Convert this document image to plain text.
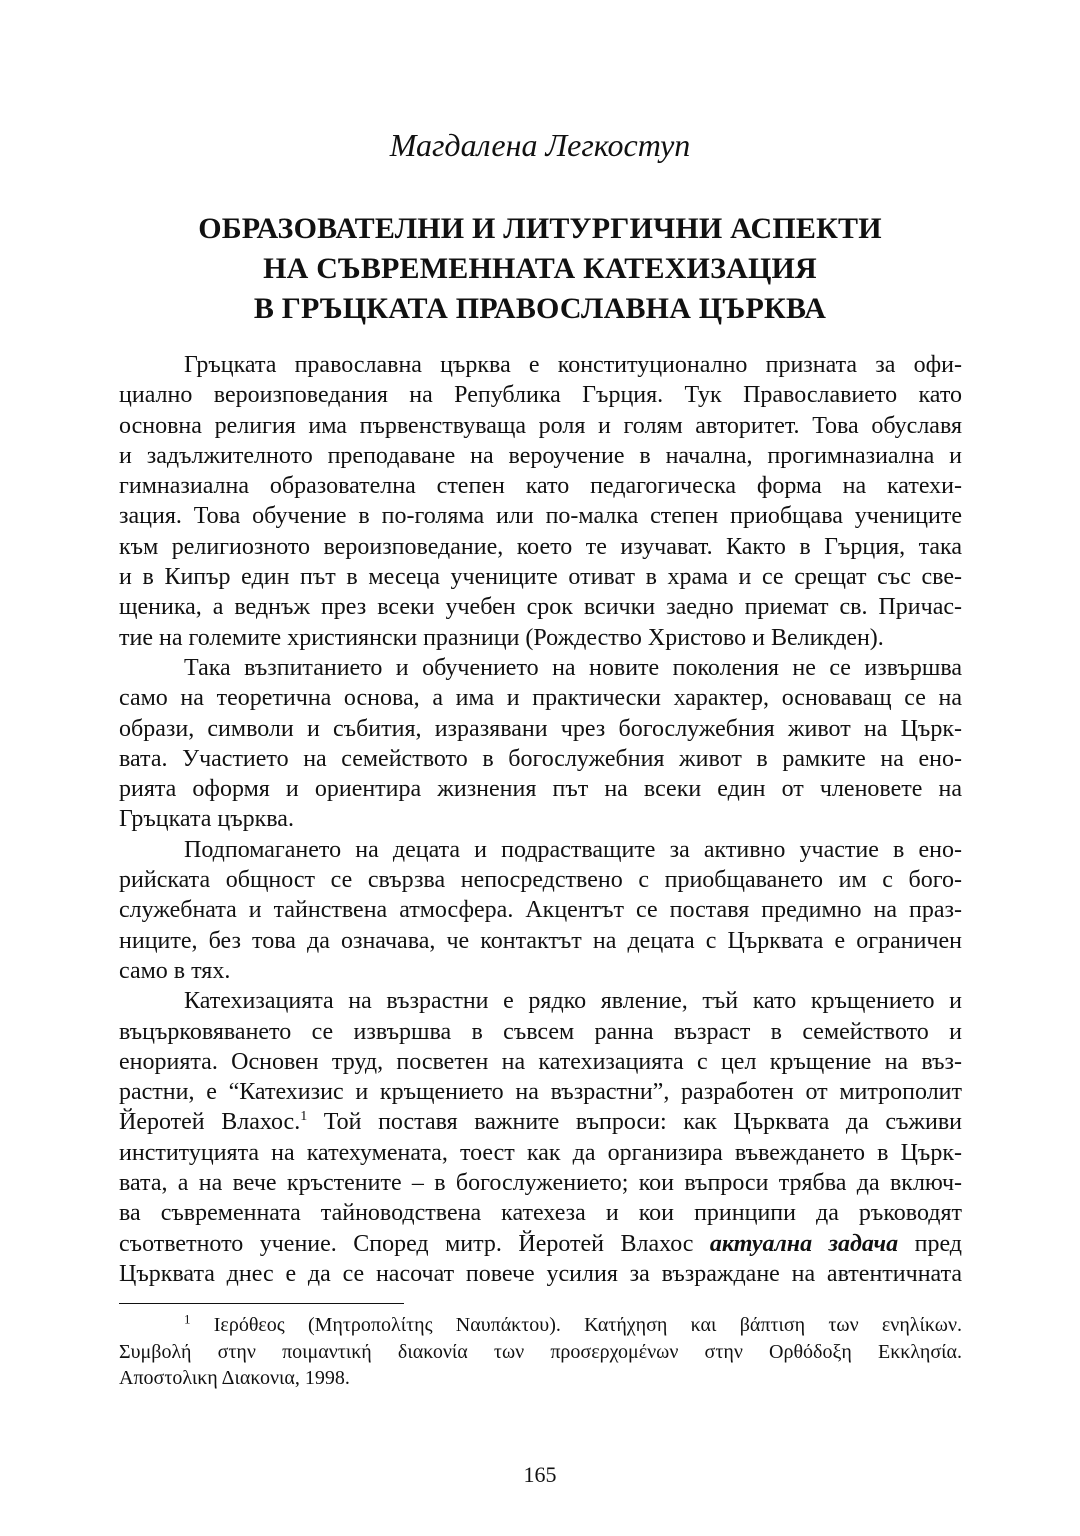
Магдалена Легкоступ
ОБРАЗОВАТЕЛНИ И ЛИТУРГИЧНИ АСПЕКТИ
НА СЪВРЕМЕННАТА КАТЕХИЗАЦИЯ
В ГРЪЦКАТА ПРАВОСЛАВНА ЦЪРКВА
Гръцката православна църква е конституционално призната за офи-
циално вероизповедания на Република Гърция. Тук Православието като
основна религия има първенствуваща роля и голям авторитет. Това обуславя
и задължителното преподаване на вероучение в начална, прогимназиална и
гимназиална образователна степен като педагогическа форма на катехи-
зация. Това обучение в по-голяма или по-малка степен приобщава учениците
към религиозното вероизповедание, което те изучават. Както в Гърция, така
и в Кипър един път в месеца учениците отиват в храма и се срещат със све-
щеника, а веднъж през всеки учебен срок всички заедно приемат св. Причас-
тие на големите християнски празници (Рождество Христово и Великден).
Така възпитанието и обучението на новите поколения не се извършва
само на теоретична основа, а има и практически характер, основаващ се на
образи, символи и събития, изразявани чрез богослужебния живот на Църк-
вата. Участието на семейството в богослужебния живот в рамките на ено-
рията оформя и ориентира жизнения път на всеки един от членовете на
Гръцката църква.
Подпомагането на децата и подрастващите за активно участие в ено-
рийската общност се свързва непосредствено с приобщаването им с бого-
служебната и тайнствена атмосфера. Акцентът се поставя предимно на праз-
ниците, без това да означава, че контактът на децата с Църквата е ограничен
само в тях.
Катехизацията на възрастни е рядко явление, тъй като кръщението и
въцърковяването се извършва в съвсем ранна възраст в семейството и
енорията. Основен труд, посветен на катехизацията с цел кръщение на въз-
растни, е “Катехизис и кръщението на възрастни”, разработен от митрополит
Йеротей Влахос.$^1$ Той поставя важните въпроси: как Църквата да съживи
институцията на катехумената, тоест как да организира въвеждането в Църк-
вата, а на вече кръстените – в богослужението; кои въпроси трябва да включ-
ва съвременната тайноводствена катехеза и кои принципи да ръководят
съответното учение. Според митр. Йеротей Влахос актуална задача пред
Църквата днес е да се насочат повече усилия за възраждане на автентичната
$^1$ Ιερόθεος (Μητροπολίτης Ναυπάκτου). Κατήχηση και βάπτιση των ενηλίκων.
Συμβολή στην ποιμαντική διακονία των προσερχομένων στην Ορθόδοξη Εκκλησία.
Αποστολικη Διακονια, 1998.
165
